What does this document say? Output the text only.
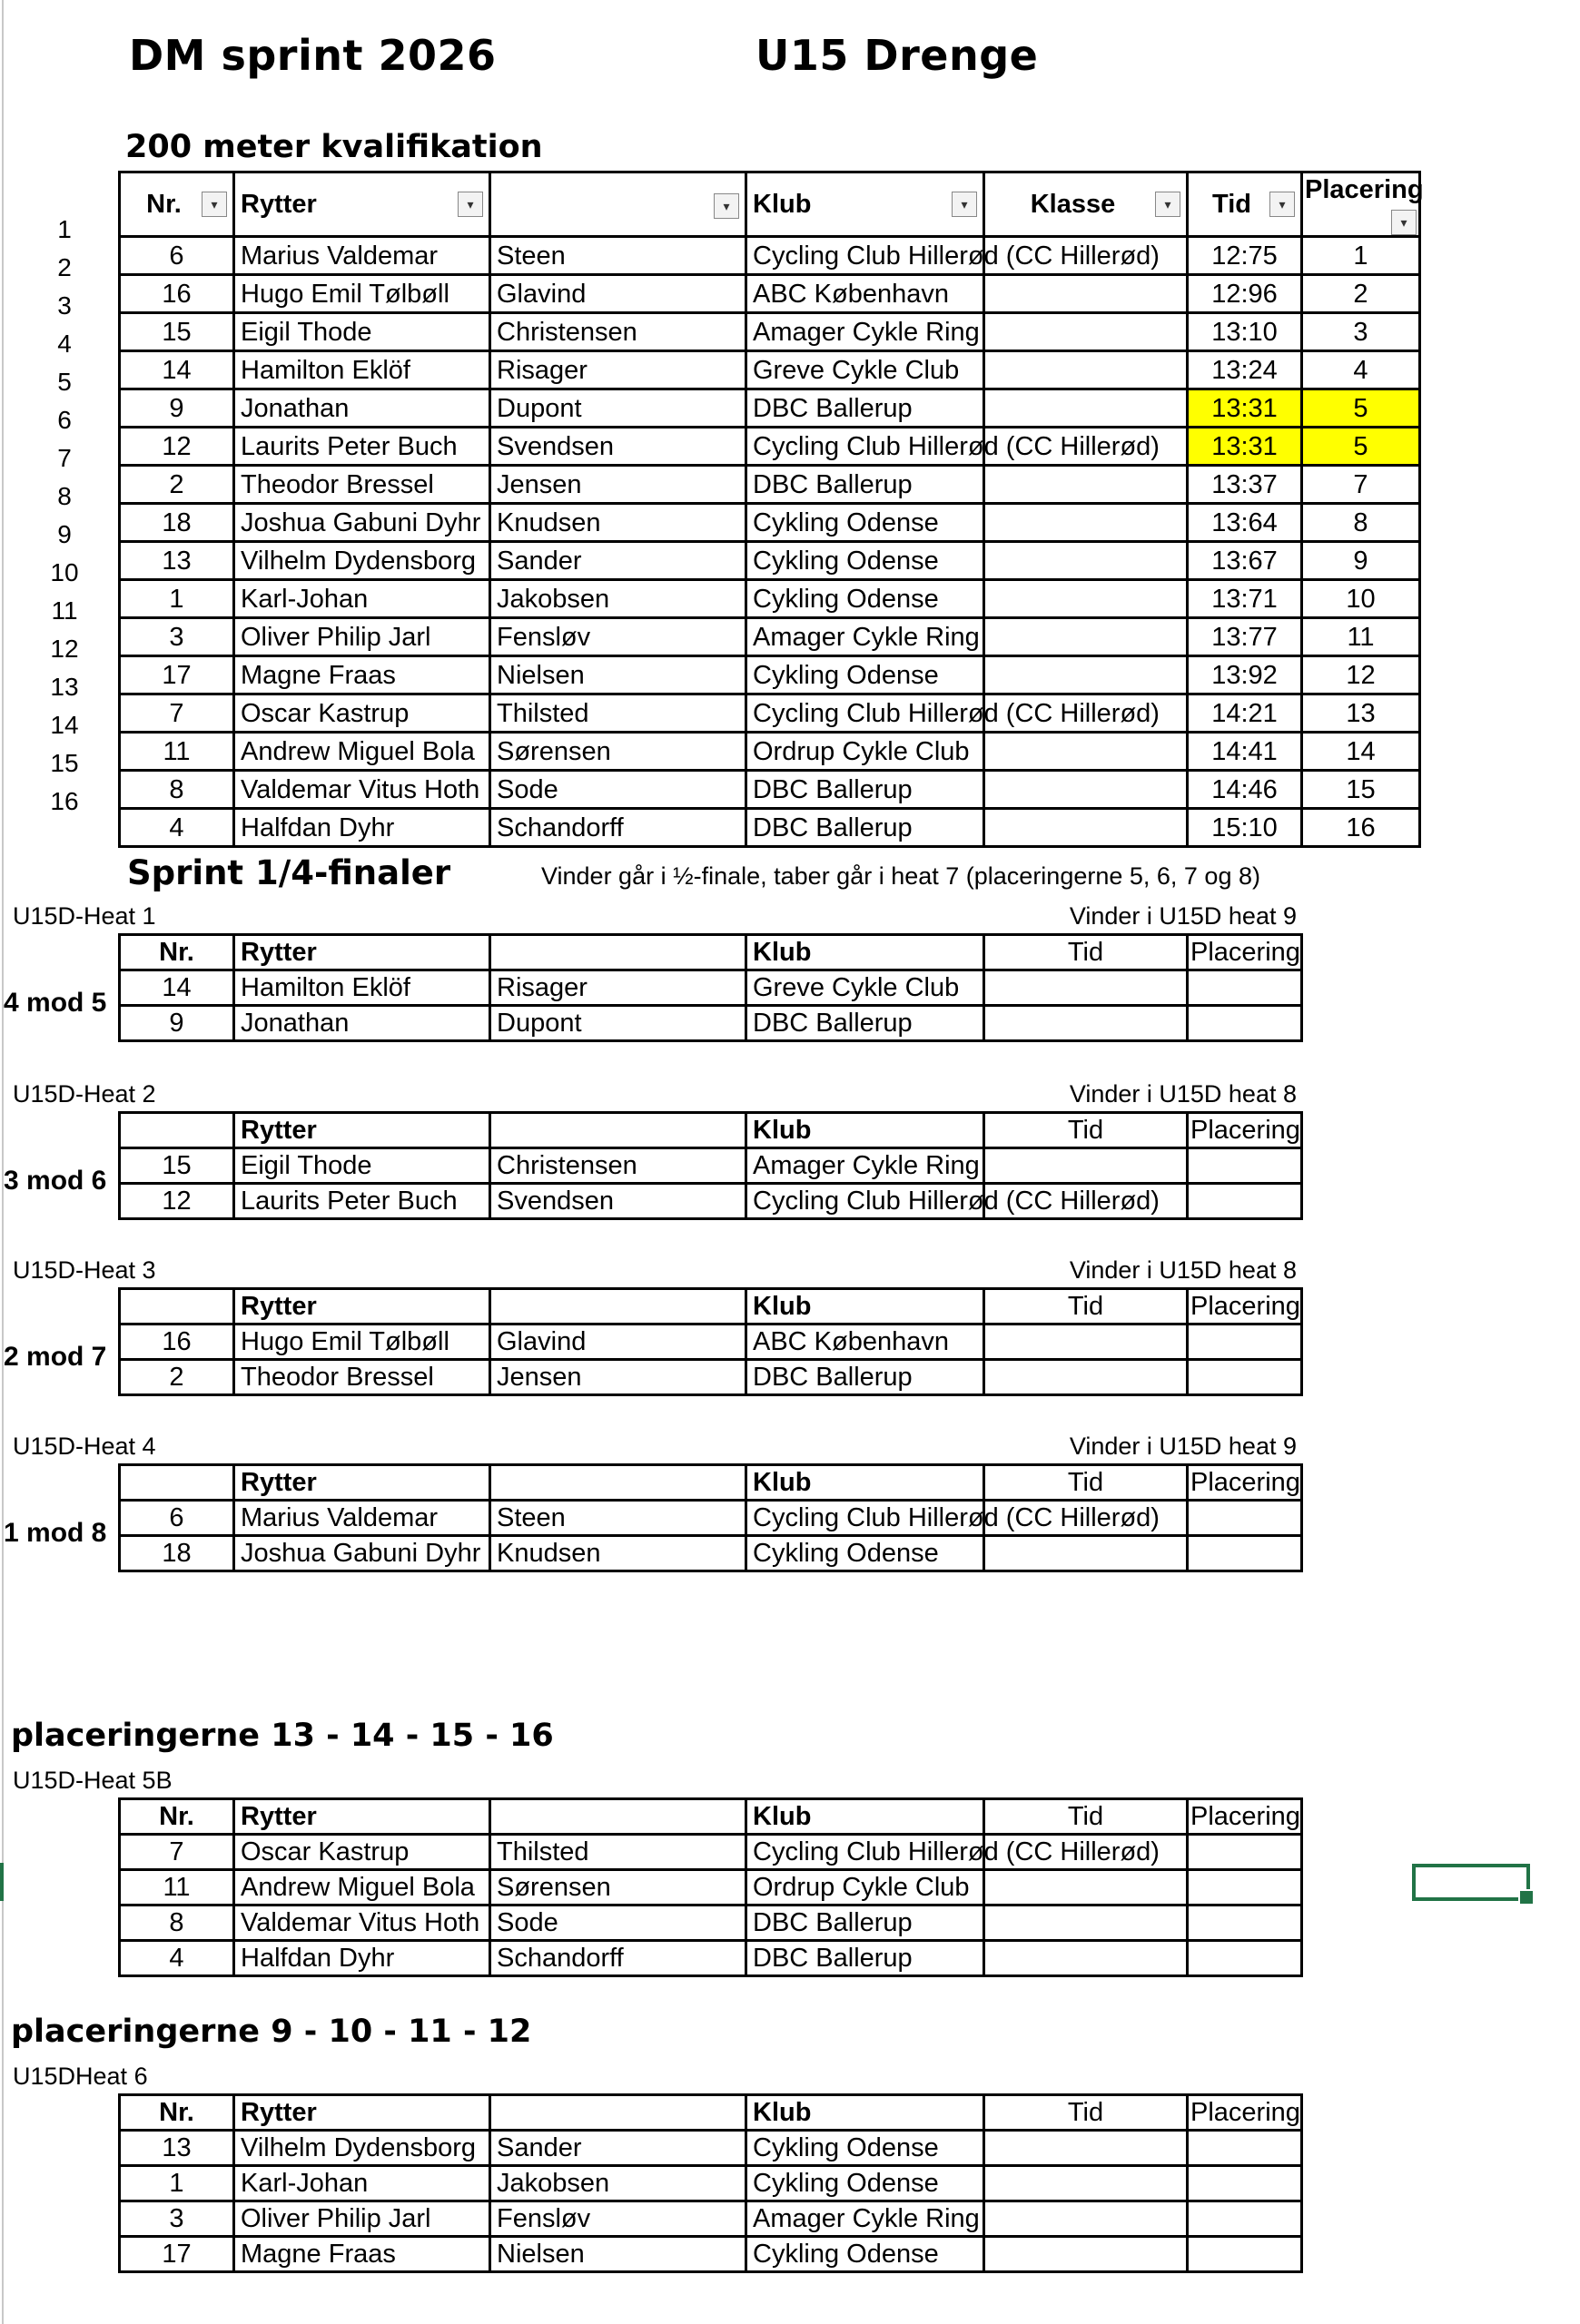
DM sprint 2026	U15 Drenge
200 meter kvalifikation
1
2
3
4
5
6
7
8
9
10
11
12
13
14
15
16
Nr. ▾	Rytter ▾	▾	Klub ▾	Klasse ▾	Tid ▾	Placering
▾

6	Marius Valdemar	Steen	Cycling Club Hillerød (CC Hillerød)		12:75	1
16	Hugo Emil Tølbøll	Glavind	ABC København		12:96	2
15	Eigil Thode	Christensen	Amager Cykle Ring		13:10	3
14	Hamilton Eklöf	Risager	Greve Cykle Club		13:24	4
9	Jonathan	Dupont	DBC Ballerup		13:31	5
12	Laurits Peter Buch	Svendsen	Cycling Club Hillerød (CC Hillerød)		13:31	5
2	Theodor Bressel	Jensen	DBC Ballerup		13:37	7
18	Joshua Gabuni Dyhr	Knudsen	Cykling Odense		13:64	8
13	Vilhelm Dydensborg	Sander	Cykling Odense		13:67	9
1	Karl-Johan	Jakobsen	Cykling Odense		13:71	10
3	Oliver Philip Jarl	Fensløv	Amager Cykle Ring		13:77	11
17	Magne Fraas	Nielsen	Cykling Odense		13:92	12
7	Oscar Kastrup	Thilsted	Cycling Club Hillerød (CC Hillerød)		14:21	13
11	Andrew Miguel Bola	Sørensen	Ordrup Cykle Club		14:41	14
8	Valdemar Vitus Hoth	Sode	DBC Ballerup		14:46	15
4	Halfdan Dyhr	Schandorff	DBC Ballerup		15:10	16
Sprint 1/4-finaler	Vinder går i ½-finale, taber går i heat 7 (placeringerne 5, 6, 7 og 8)
U15D-Heat 1	Vinder i U15D heat 9
Nr.	Rytter		Klub	Tid	Placering
14	Hamilton Eklöf	Risager	Greve Cykle Club		
9	Jonathan	Dupont	DBC Ballerup		
4 mod 5
U15D-Heat 2	Vinder i U15D heat 8
	Rytter		Klub	Tid	Placering
15	Eigil Thode	Christensen	Amager Cykle Ring		
12	Laurits Peter Buch	Svendsen	Cycling Club Hillerød (CC Hillerød)		
3 mod 6
U15D-Heat 3	Vinder i U15D heat 8
	Rytter		Klub	Tid	Placering
16	Hugo Emil Tølbøll	Glavind	ABC København		
2	Theodor Bressel	Jensen	DBC Ballerup		
2 mod 7
U15D-Heat 4	Vinder i U15D heat 9
	Rytter		Klub	Tid	Placering
6	Marius Valdemar	Steen	Cycling Club Hillerød (CC Hillerød)		
18	Joshua Gabuni Dyhr	Knudsen	Cykling Odense		
1 mod 8
placeringerne 13 - 14 - 15 - 16
U15D-Heat 5B
Nr.	Rytter		Klub	Tid	Placering
7	Oscar Kastrup	Thilsted	Cycling Club Hillerød (CC Hillerød)		
11	Andrew Miguel Bola	Sørensen	Ordrup Cykle Club		
8	Valdemar Vitus Hoth	Sode	DBC Ballerup		
4	Halfdan Dyhr	Schandorff	DBC Ballerup		
placeringerne 9 - 10 - 11 - 12
U15DHeat 6
Nr.	Rytter		Klub	Tid	Placering
13	Vilhelm Dydensborg	Sander	Cykling Odense		
1	Karl-Johan	Jakobsen	Cykling Odense		
3	Oliver Philip Jarl	Fensløv	Amager Cykle Ring		
17	Magne Fraas	Nielsen	Cykling Odense		
